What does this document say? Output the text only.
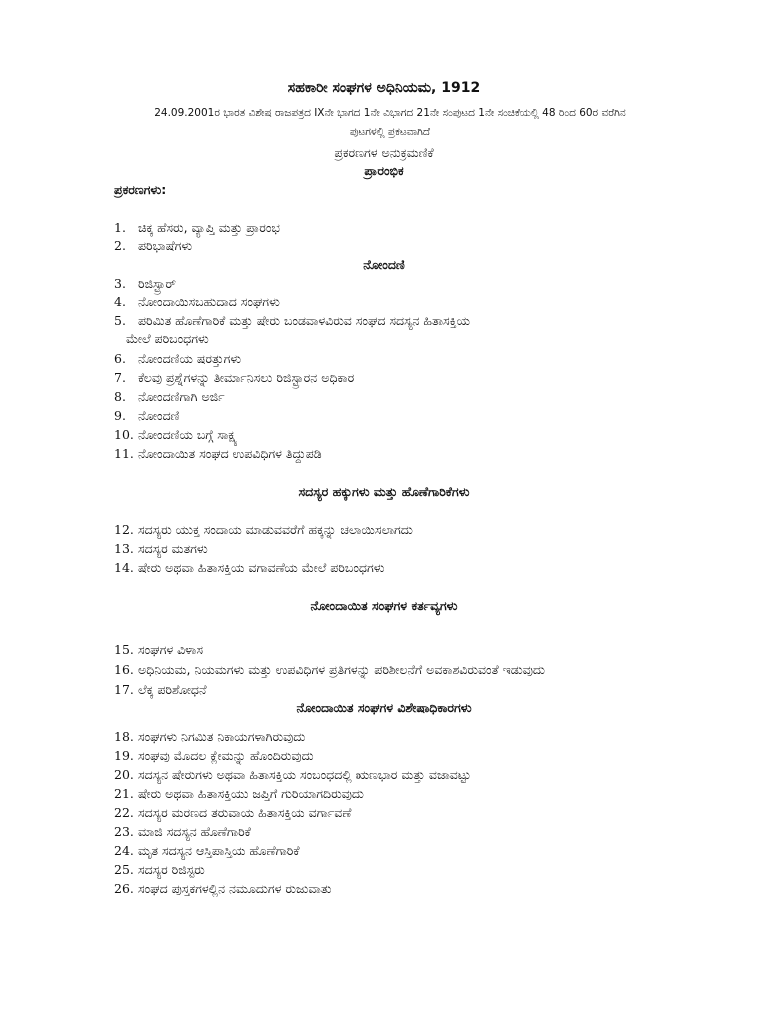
ಸಹಕಾರೀ ಸಂಘಗಳ ಅಧಿನಿಯಮ, 1912
24.09.2001ರ ಭಾರತ ವಿಶೇಷ ರಾಜಪತ್ರದ IXನೇ ಭಾಗದ 1ನೇ ವಿಭಾಗದ 21ನೇ ಸಂಪುಟದ 1ನೇ ಸಂಚಿಕೆಯಲ್ಲಿ 48 ರಿಂದ 60ರ ವರೆಗಿನ
ಪುಟಗಳಲ್ಲಿ ಪ್ರಕಟವಾಗಿದೆ
ಪ್ರಕರಣಗಳ ಅನುಕ್ರಮಣಿಕೆ
ಪ್ರಾರಂಭಿಕ
ಪ್ರಕರಣಗಳು:
1. ಚಿಕ್ಕ ಹೆಸರು, ವ್ಯಾಪ್ತಿ ಮತ್ತು ಪ್ರಾರಂಭ
2. ಪರಿಭಾಷೆಗಳು
ನೋಂದಣಿ
3. ರಿಜಿಸ್ಟ್ರಾರ್
4. ನೋಂದಾಯಿಸಬಹುದಾದ ಸಂಘಗಳು
5. ಪರಿಮಿತ ಹೊಣೆಗಾರಿಕೆ ಮತ್ತು ಷೇರು ಬಂಡವಾಳವಿರುವ ಸಂಘದ ಸದಸ್ಯನ ಹಿತಾಸಕ್ತಿಯ
ಮೇಲೆ ಪರಿಬಂಧಗಳು
6. ನೋಂದಣಿಯ ಷರತ್ತುಗಳು
7. ಕೆಲವು ಪ್ರಶ್ನೆಗಳನ್ನು ತೀರ್ಮಾನಿಸಲು ರಿಜಿಸ್ಟ್ರಾರನ ಅಧಿಕಾರ
8. ನೋಂದಣಿಗಾಗಿ ಅರ್ಜಿ
9. ನೋಂದಣಿ
10. ನೋಂದಣಿಯ ಬಗ್ಗೆ ಸಾಕ್ಷ್ಯ
11. ನೋಂದಾಯಿತ ಸಂಘದ ಉಪವಿಧಿಗಳ ತಿದ್ದುಪಡಿ
ಸದಸ್ಯರ ಹಕ್ಕುಗಳು ಮತ್ತು ಹೊಣೆಗಾರಿಕೆಗಳು
12. ಸದಸ್ಯರು ಯುಕ್ತ ಸಂದಾಯ ಮಾಡುವವರೆಗೆ ಹಕ್ಕನ್ನು ಚಲಾಯಿಸಲಾಗದು
13. ಸದಸ್ಯರ ಮತಗಳು
14. ಷೇರು ಅಥವಾ ಹಿತಾಸಕ್ತಿಯ ವಗಾವಣೆಯ ಮೇಲೆ ಪರಿಬಂಧಗಳು
ನೋಂದಾಯಿತ ಸಂಘಗಳ ಕರ್ತವ್ಯಗಳು
15. ಸಂಘಗಳ ವಿಳಾಸ
16. ಅಧಿನಿಯಮ, ನಿಯಮಗಳು ಮತ್ತು ಉಪವಿಧಿಗಳ ಪ್ರತಿಗಳನ್ನು ಪರಿಶೀಲನೆಗೆ ಅವಕಾಶವಿರುವಂತೆ ಇಡುವುದು
17. ಲೆಕ್ಕ ಪರಿಶೋಧನೆ
ನೋಂದಾಯಿತ ಸಂಘಗಳ ವಿಶೇಷಾಧಿಕಾರಗಳು
18. ಸಂಘಗಳು ನಿಗಮಿತ ನಿಕಾಯಗಳಾಗಿರುವುದು
19. ಸಂಘವು ಮೊದಲ ಕ್ಲೇಮನ್ನು ಹೊಂದಿರುವುದು
20. ಸದಸ್ಯನ ಷೇರುಗಳು ಅಥವಾ ಹಿತಾಸಕ್ತಿಯ ಸಂಬಂಧದಲ್ಲಿ ಋಣಭಾರ ಮತ್ತು ವಜಾವಟ್ಟು
21. ಷೇರು ಅಥವಾ ಹಿತಾಸಕ್ತಿಯು ಜಪ್ತಿಗೆ ಗುರಿಯಾಗದಿರುವುದು
22. ಸದಸ್ಯರ ಮರಣದ ತರುವಾಯ ಹಿತಾಸಕ್ತಿಯ ವರ್ಗಾವಣೆ
23. ಮಾಜಿ ಸದಸ್ಯನ ಹೊಣೆಗಾರಿಕೆ
24. ಮೃತ ಸದಸ್ಯನ ಆಸ್ತಿಪಾಸ್ತಿಯ ಹೊಣೆಗಾರಿಕೆ
25. ಸದಸ್ಯರ ರಿಜಿಸ್ಟರು
26. ಸಂಘದ ಪುಸ್ತಕಗಳಲ್ಲಿನ ನಮೂದುಗಳ ರುಜುವಾತು
